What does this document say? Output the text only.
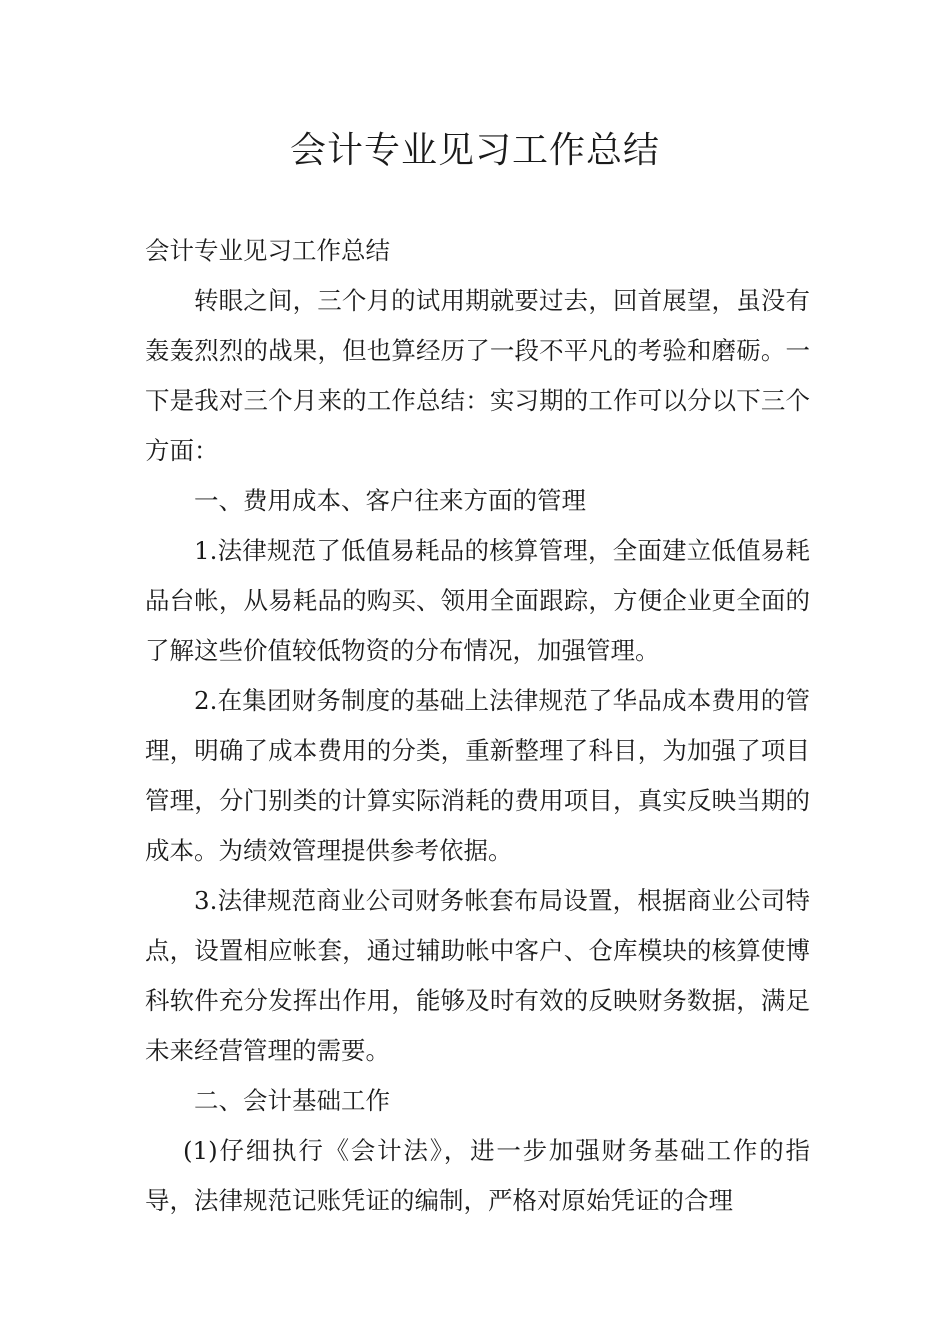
会计专业见习工作总结

会计专业见习工作总结

转眼之间，三个月的试用期就要过去，回首展望，虽没有轰轰烈烈的战果，但也算经历了一段不平凡的考验和磨砺。一下是我对三个月来的工作总结：实习期的工作可以分以下三个方面：

一、费用成本、客户往来方面的管理

1.法律规范了低值易耗品的核算管理，全面建立低值易耗品台帐，从易耗品的购买、领用全面跟踪，方便企业更全面的了解这些价值较低物资的分布情况，加强管理。

2.在集团财务制度的基础上法律规范了华品成本费用的管理，明确了成本费用的分类，重新整理了科目，为加强了项目管理，分门别类的计算实际消耗的费用项目，真实反映当期的成本。为绩效管理提供参考依据。

3.法律规范商业公司财务帐套布局设置，根据商业公司特点，设置相应帐套，通过辅助帐中客户、仓库模块的核算使博科软件充分发挥出作用，能够及时有效的反映财务数据，满足未来经营管理的需要。

二、会计基础工作

(1)仔细执行《会计法》，进一步加强财务基础工作的指导，法律规范记账凭证的编制，严格对原始凭证的合理
